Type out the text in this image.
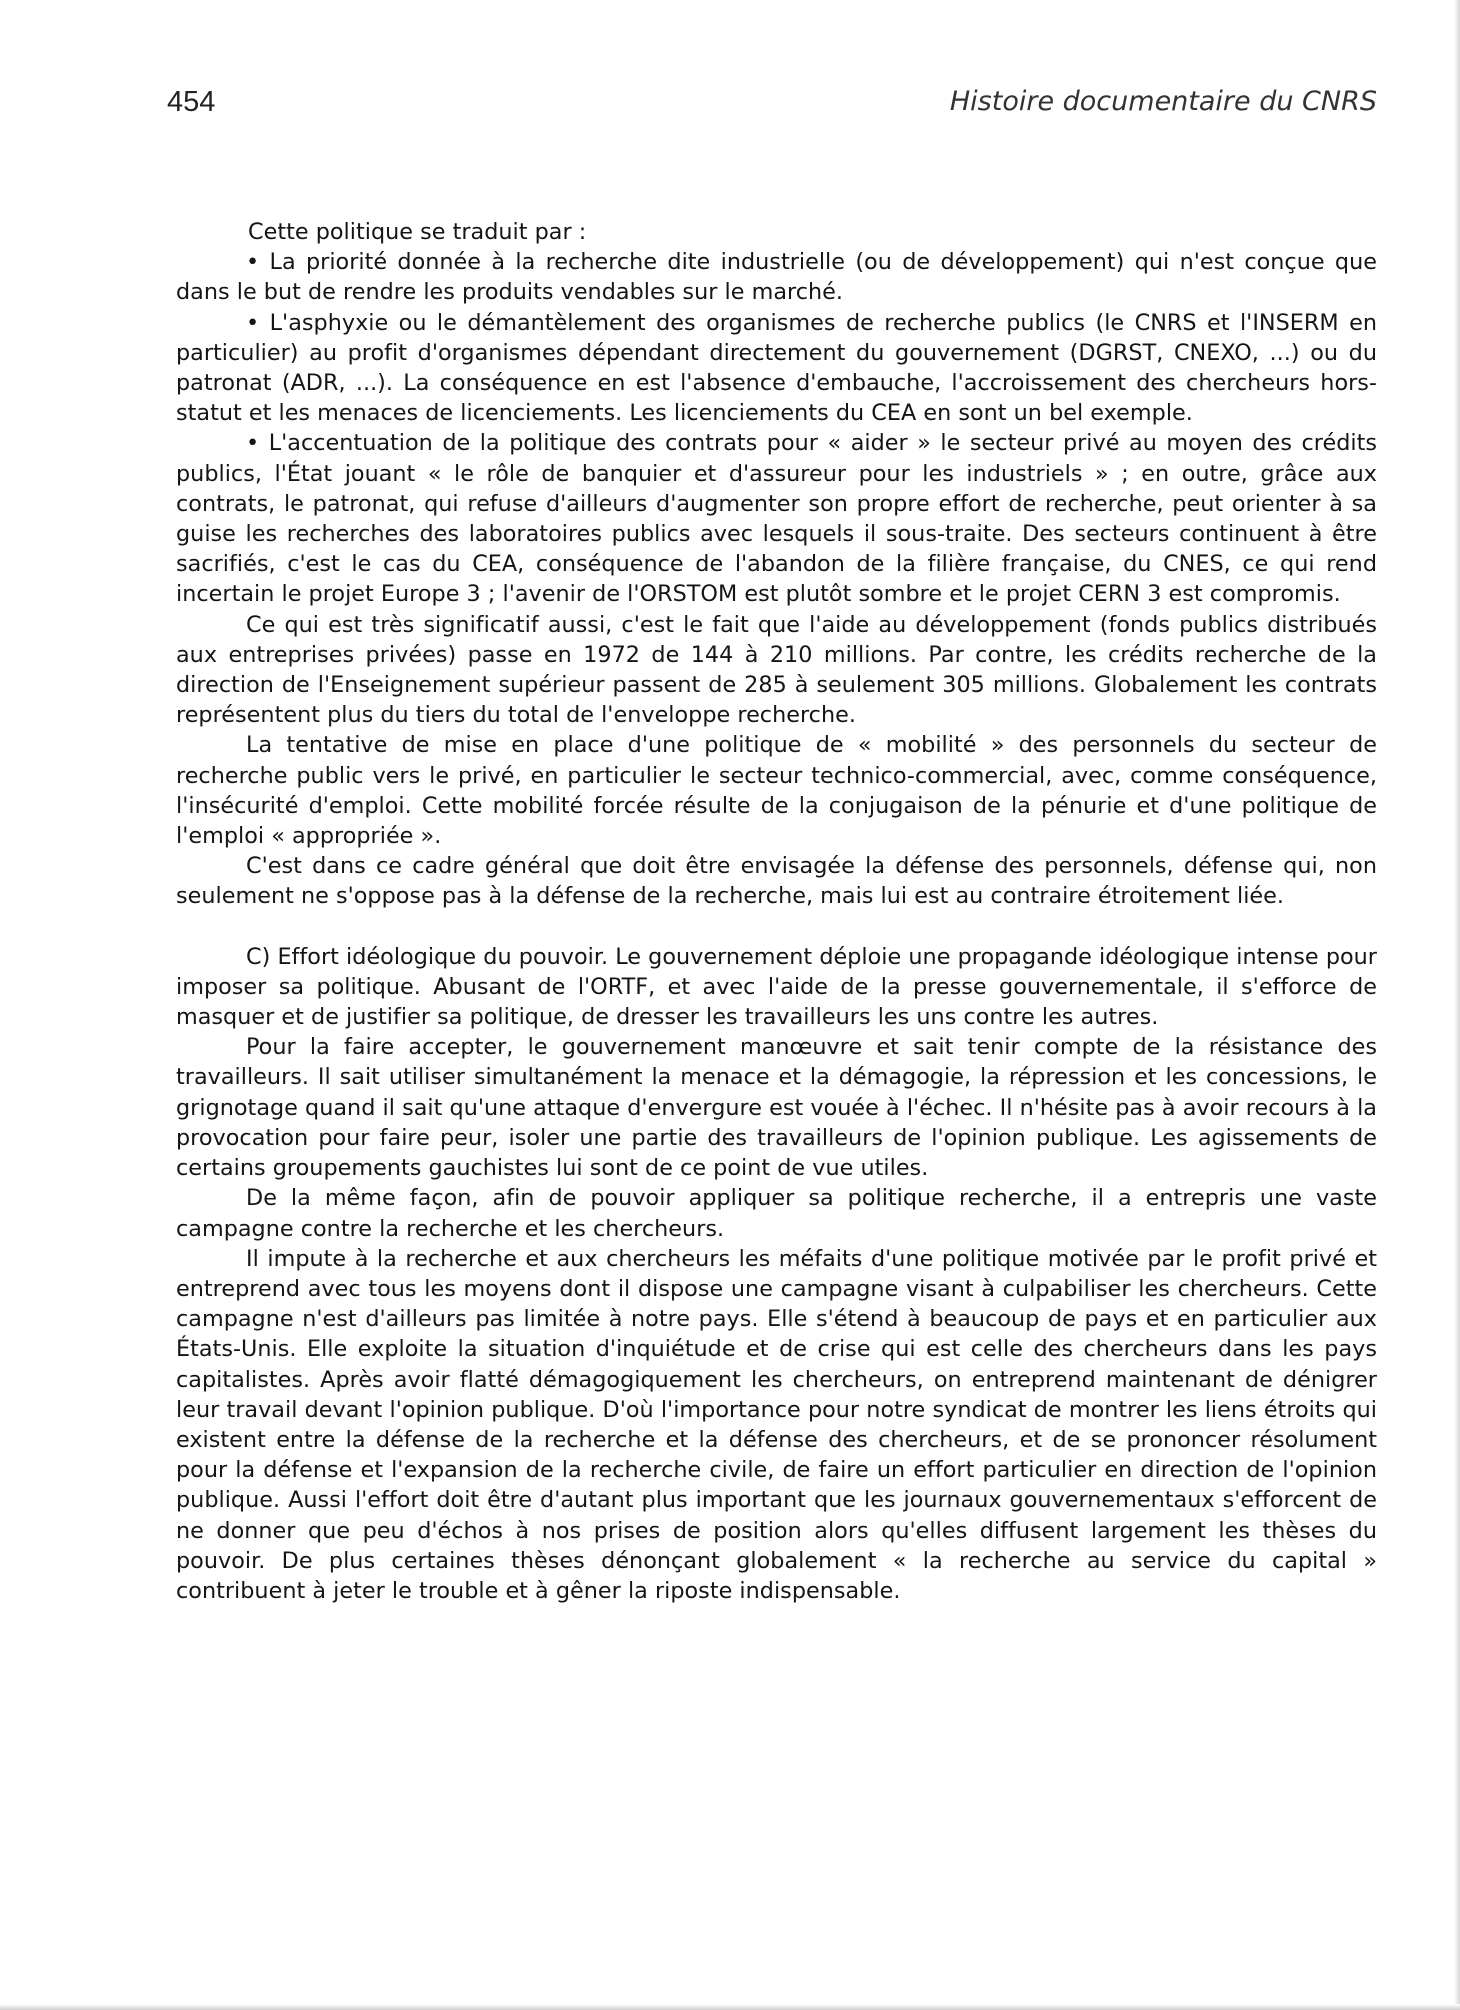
454	Histoire documentaire du CNRS

Cette politique se traduit par :

• La priorité donnée à la recherche dite industrielle (ou de développement) qui n'est conçue que dans le but de rendre les produits vendables sur le marché.

• L'asphyxie ou le démantèlement des organismes de recherche publics (le CNRS et l'INSERM en particulier) au profit d'organismes dépendant directement du gouvernement (DGRST, CNEXO, ...) ou du patronat (ADR, ...). La conséquence en est l'absence d'embauche, l'accroissement des chercheurs hors-statut et les menaces de licenciements. Les licenciements du CEA en sont un bel exemple.

• L'accentuation de la politique des contrats pour « aider » le secteur privé au moyen des crédits publics, l'État jouant « le rôle de banquier et d'assureur pour les industriels » ; en outre, grâce aux contrats, le patronat, qui refuse d'ailleurs d'augmenter son propre effort de recherche, peut orienter à sa guise les recherches des laboratoires publics avec lesquels il sous-traite. Des secteurs continuent à être sacrifiés, c'est le cas du CEA, conséquence de l'abandon de la filière française, du CNES, ce qui rend incertain le projet Europe 3 ; l'avenir de l'ORSTOM est plutôt sombre et le projet CERN 3 est compromis.

Ce qui est très significatif aussi, c'est le fait que l'aide au développement (fonds publics distribués aux entreprises privées) passe en 1972 de 144 à 210 millions. Par contre, les crédits recherche de la direction de l'Enseignement supérieur passent de 285 à seulement 305 millions. Globalement les contrats représentent plus du tiers du total de l'enveloppe recherche.

La tentative de mise en place d'une politique de « mobilité » des personnels du secteur de recherche public vers le privé, en particulier le secteur technico-commercial, avec, comme conséquence, l'insécurité d'emploi. Cette mobilité forcée résulte de la conjugaison de la pénurie et d'une politique de l'emploi « appropriée ».

C'est dans ce cadre général que doit être envisagée la défense des personnels, défense qui, non seulement ne s'oppose pas à la défense de la recherche, mais lui est au contraire étroitement liée.

C) Effort idéologique du pouvoir. Le gouvernement déploie une propagande idéologique intense pour imposer sa politique. Abusant de l'ORTF, et avec l'aide de la presse gouvernementale, il s'efforce de masquer et de justifier sa politique, de dresser les travailleurs les uns contre les autres.

Pour la faire accepter, le gouvernement manœuvre et sait tenir compte de la résistance des travailleurs. Il sait utiliser simultanément la menace et la démagogie, la répression et les concessions, le grignotage quand il sait qu'une attaque d'envergure est vouée à l'échec. Il n'hésite pas à avoir recours à la provocation pour faire peur, isoler une partie des travailleurs de l'opinion publique. Les agissements de certains groupements gauchistes lui sont de ce point de vue utiles.

De la même façon, afin de pouvoir appliquer sa politique recherche, il a entrepris une vaste campagne contre la recherche et les chercheurs.

Il impute à la recherche et aux chercheurs les méfaits d'une politique motivée par le profit privé et entreprend avec tous les moyens dont il dispose une campagne visant à culpabiliser les chercheurs. Cette campagne n'est d'ailleurs pas limitée à notre pays. Elle s'étend à beaucoup de pays et en particulier aux États-Unis. Elle exploite la situation d'inquiétude et de crise qui est celle des chercheurs dans les pays capitalistes. Après avoir flatté démagogiquement les chercheurs, on entreprend maintenant de dénigrer leur travail devant l'opinion publique. D'où l'importance pour notre syndicat de montrer les liens étroits qui existent entre la défense de la recherche et la défense des chercheurs, et de se prononcer résolument pour la défense et l'expansion de la recherche civile, de faire un effort particulier en direction de l'opinion publique. Aussi l'effort doit être d'autant plus important que les journaux gouvernementaux s'efforcent de ne donner que peu d'échos à nos prises de position alors qu'elles diffusent largement les thèses du pouvoir. De plus certaines thèses dénonçant globalement « la recherche au service du capital » contribuent à jeter le trouble et à gêner la riposte indispensable.
